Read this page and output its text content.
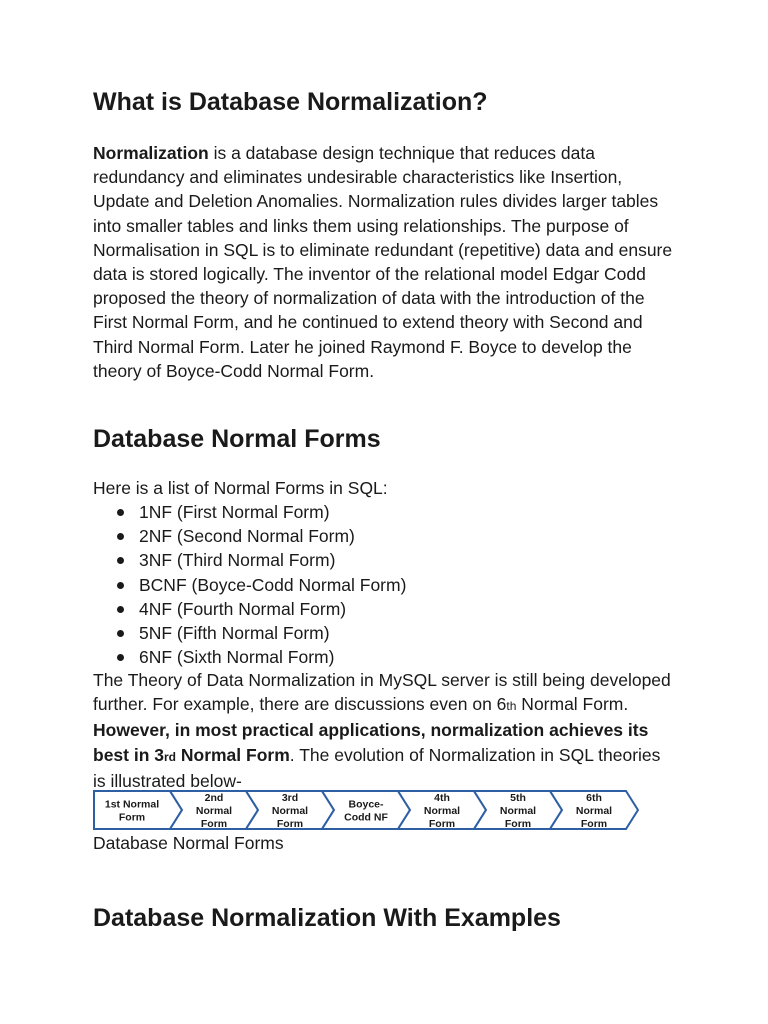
What is Database Normalization?

Normalization is a database design technique that reduces data redundancy and eliminates undesirable characteristics like Insertion, Update and Deletion Anomalies. Normalization rules divides larger tables into smaller tables and links them using relationships. The purpose of Normalisation in SQL is to eliminate redundant (repetitive) data and ensure data is stored logically. The inventor of the relational model Edgar Codd proposed the theory of normalization of data with the introduction of the First Normal Form, and he continued to extend theory with Second and Third Normal Form. Later he joined Raymond F. Boyce to develop the theory of Boyce-Codd Normal Form.

Database Normal Forms

Here is a list of Normal Forms in SQL:

1NF (First Normal Form)
2NF (Second Normal Form)
3NF (Third Normal Form)
BCNF (Boyce-Codd Normal Form)
4NF (Fourth Normal Form)
5NF (Fifth Normal Form)
6NF (Sixth Normal Form)

The Theory of Data Normalization in MySQL server is still being developed further. For example, there are discussions even on 6th Normal Form. However, in most practical applications, normalization achieves its best in 3rd Normal Form. The evolution of Normalization in SQL theories is illustrated below-

1st Normal Form
2nd Normal Form
3rd Normal Form
Boyce-Codd NF
4th Normal Form
5th Normal Form
6th Normal Form
Database Normal Forms
Database Normalization With Examples
